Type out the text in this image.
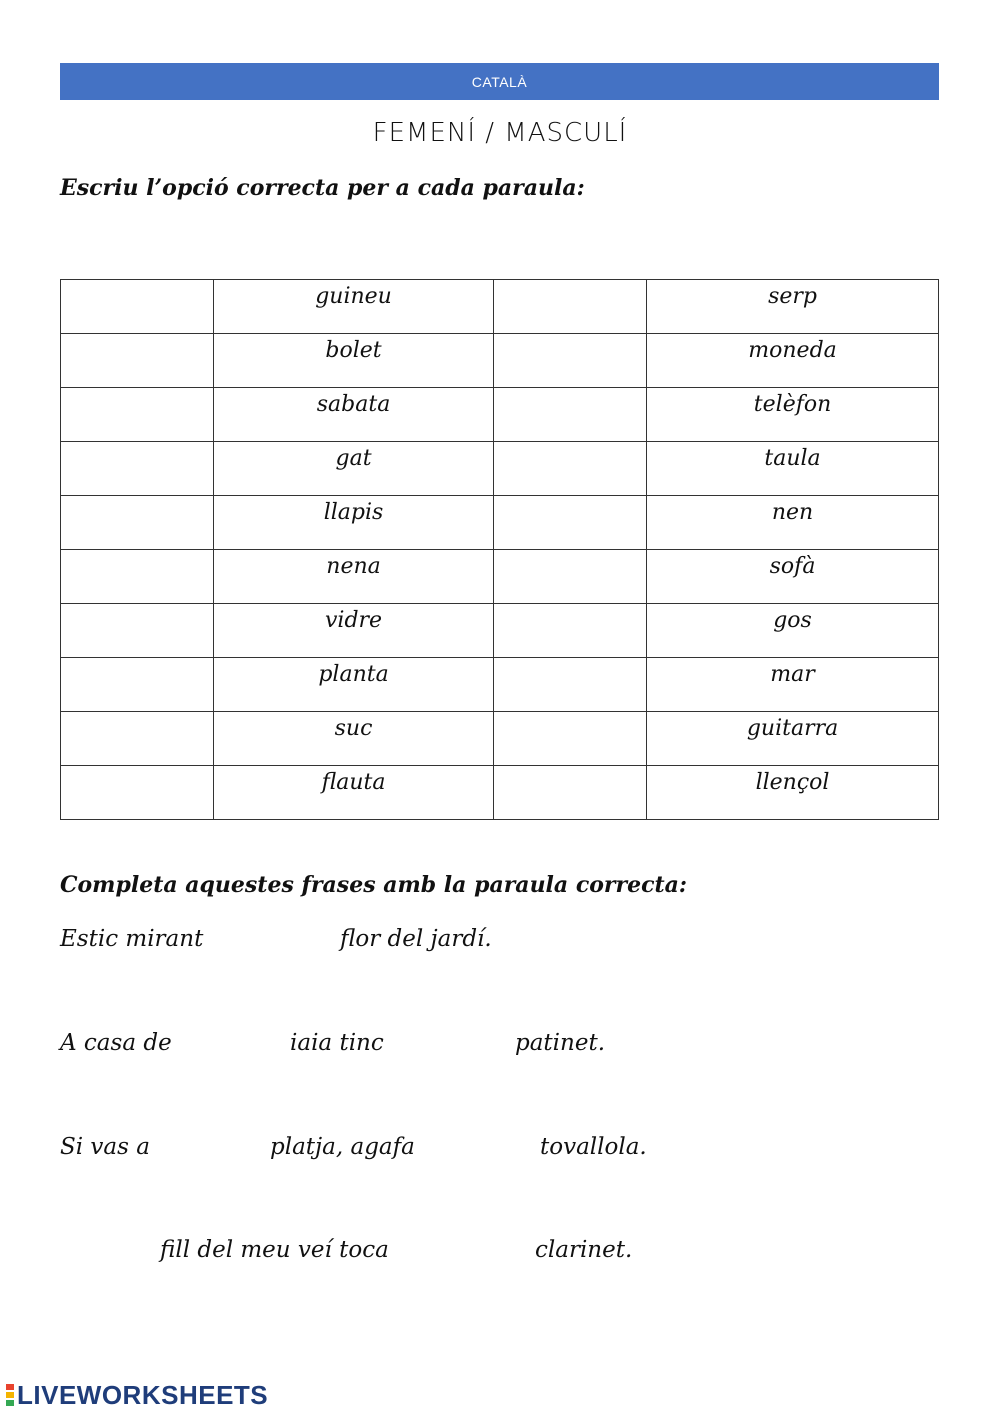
CATALÀ
FEMENÍ / MASCULÍ
Escriu l’opció correcta per a cada paraula:
	guineu		serp
	bolet		moneda
	sabata		telèfon
	gat		taula
	llapis		nen
	nena		sofà
	vidre		gos
	planta		mar
	suc		guitarra
	flauta		llençol
Completa aquestes frases amb la paraula correcta:
Estic mirant	flor del jardí.
A casa de	iaia tinc	patinet.
Si vas a	platja, agafa	tovallola.
fill del meu veí toca	clarinet.
LIVEWORKSHEETS
